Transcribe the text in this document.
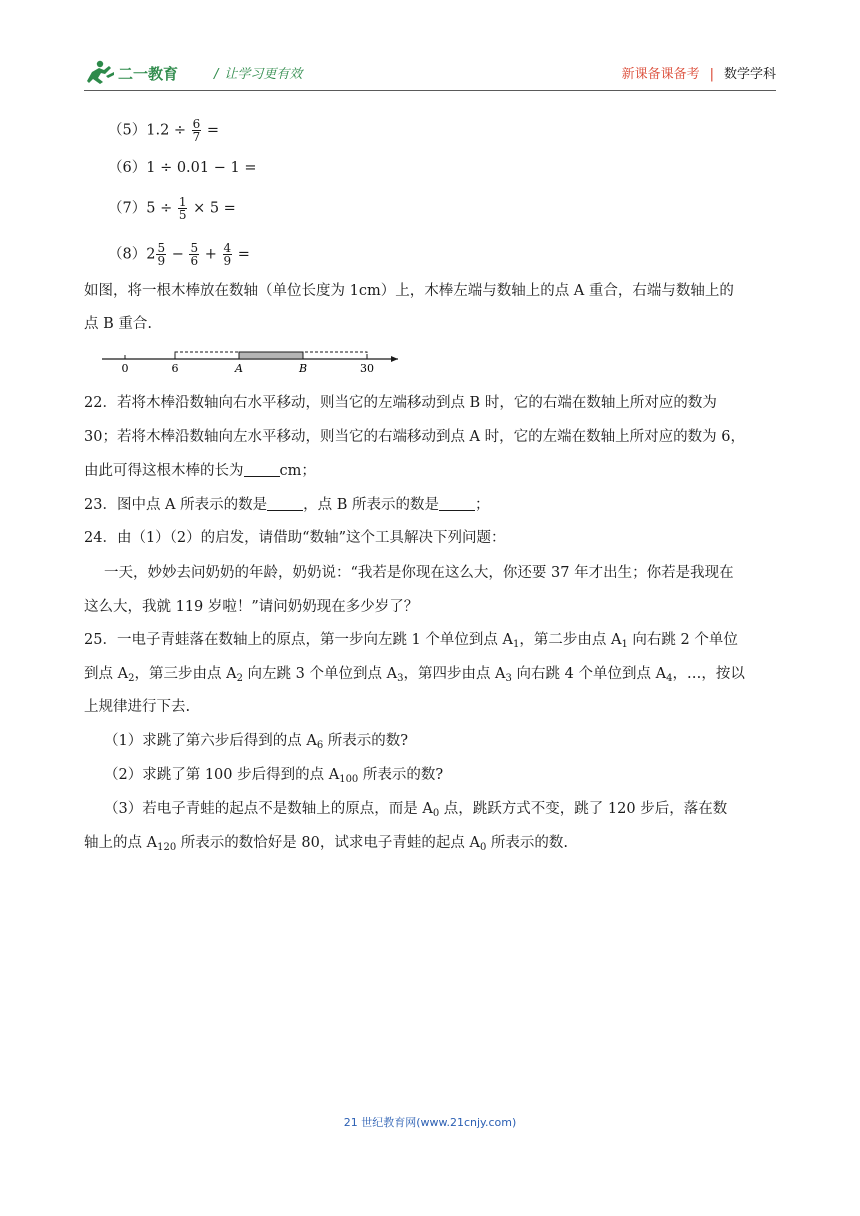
二一教育	/ 让学习更有效	新课备课备考 | 数学学科
$(5)1.2 \div \frac{6}{7}$ =
（6）1 ÷ 0.01 − 1 =
$(7)5 \div \frac{1}{5} \times 5$ =
$(8)2 \frac{5}{9} - \frac{5}{6} + \frac{4}{9}$ =
如图，将一根木棒放在数轴（单位长度为 1cm）上，木棒左端与数轴上的点 A 重合，右端与数轴上的
点 B 重合.
0	6	A	B	30
22．若将木棒沿数轴向右水平移动，则当它的左端移动到点 B 时，它的右端在数轴上所对应的数为
30；若将木棒沿数轴向左水平移动，则当它的右端移动到点 A 时，它的左端在数轴上所对应的数为 6，
由此可得这根木棒的长为 cm；
23．图中点 A 所表示的数是 ，点 B 所表示的数是 ；
24．由（1）（2）的启发，请借助“数轴”这个工具解决下列问题：
一天，妙妙去问奶奶的年龄，奶奶说：“我若是你现在这么大，你还要 37 年才出生；你若是我现在
这么大，我就 119 岁啦！”请问奶奶现在多少岁了？
25．一电子青蛙落在数轴上的原点，第一步向左跳 1 个单位到点 $A_1$，第二步由点 $A_1$ 向右跳 2 个单位
到点 $A_2$，第三步由点 $A_2$ 向左跳 3 个单位到点 $A_3$，第四步由点 $A_3$ 向右跳 4 个单位到点 $A_4$，…，按以
上规律进行下去.
（1）求跳了第六步后得到的点 $A_6$ 所表示的数?
（2）求跳了第 100 步后得到的点 $A_{100}$ 所表示的数?
（3）若电子青蛙的起点不是数轴上的原点，而是 $A_0$ 点，跳跃方式不变，跳了 120 步后，落在数
轴上的点 $A_{120}$ 所表示的数恰好是 80，试求电子青蛙的起点 $A_0$ 所表示的数.
21 世纪教育网(www.21cnjy.com)
